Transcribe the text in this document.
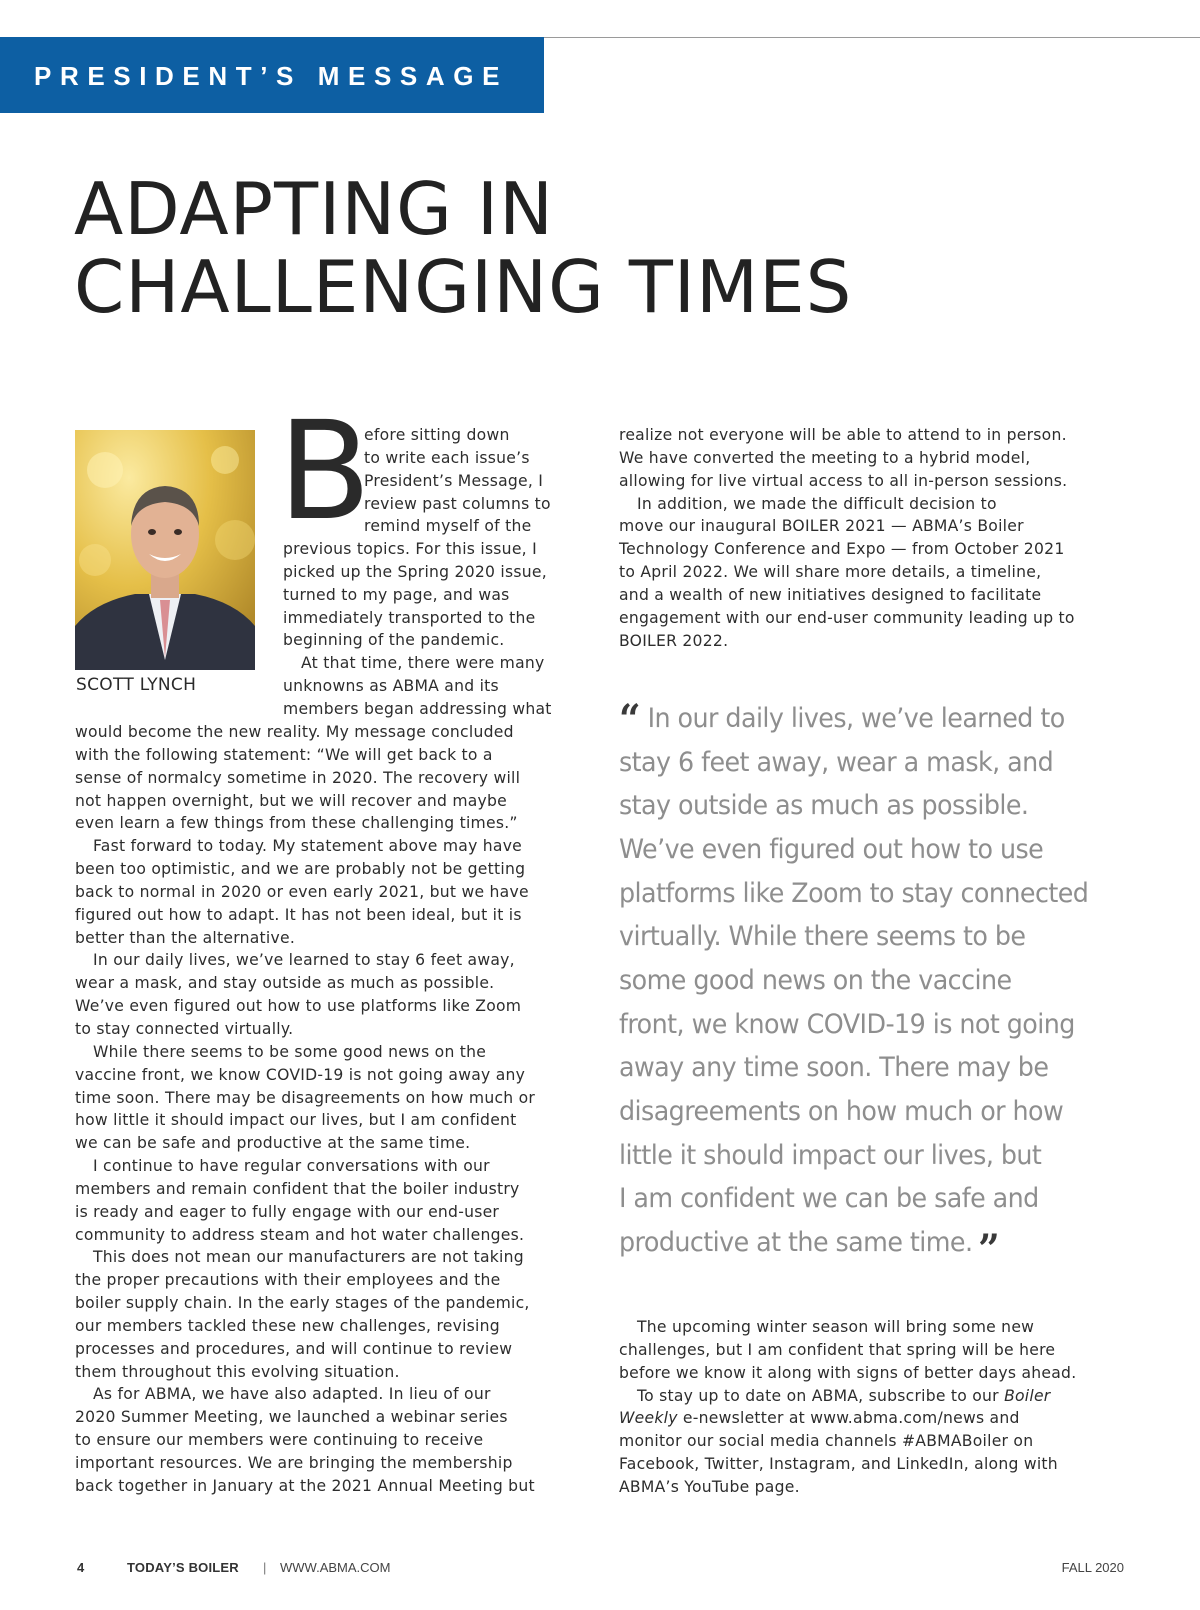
PRESIDENT’S MESSAGE
ADAPTING IN
CHALLENGING TIMES
SCOTT LYNCH
B
efore sitting down
to write each issue’s
President’s Message, I
review past columns to
remind myself of the
previous topics. For this issue, I
picked up the Spring 2020 issue,
turned to my page, and was
immediately transported to the
beginning of the pandemic.
At that time, there were many
unknowns as ABMA and its
members began addressing what
would become the new reality. My message concluded
with the following statement: “We will get back to a
sense of normalcy sometime in 2020. The recovery will
not happen overnight, but we will recover and maybe
even learn a few things from these challenging times.”
Fast forward to today. My statement above may have
been too optimistic, and we are probably not be getting
back to normal in 2020 or even early 2021, but we have
figured out how to adapt. It has not been ideal, but it is
better than the alternative.
In our daily lives, we’ve learned to stay 6 feet away,
wear a mask, and stay outside as much as possible.
We’ve even figured out how to use platforms like Zoom
to stay connected virtually.
While there seems to be some good news on the
vaccine front, we know COVID-19 is not going away any
time soon. There may be disagreements on how much or
how little it should impact our lives, but I am confident
we can be safe and productive at the same time.
I continue to have regular conversations with our
members and remain confident that the boiler industry
is ready and eager to fully engage with our end-user
community to address steam and hot water challenges.
This does not mean our manufacturers are not taking
the proper precautions with their employees and the
boiler supply chain. In the early stages of the pandemic,
our members tackled these new challenges, revising
processes and procedures, and will continue to review
them throughout this evolving situation.
As for ABMA, we have also adapted. In lieu of our
2020 Summer Meeting, we launched a webinar series
to ensure our members were continuing to receive
important resources. We are bringing the membership
back together in January at the 2021 Annual Meeting but
realize not everyone will be able to attend to in person.
We have converted the meeting to a hybrid model,
allowing for live virtual access to all in-person sessions.
In addition, we made the difficult decision to
move our inaugural BOILER 2021 — ABMA’s Boiler
Technology Conference and Expo — from October 2021
to April 2022. We will share more details, a timeline,
and a wealth of new initiatives designed to facilitate
engagement with our end-user community leading up to
BOILER 2022.
“ In our daily lives, we’ve learned to
stay 6 feet away, wear a mask, and
stay outside as much as possible.
We’ve even figured out how to use
platforms like Zoom to stay connected
virtually. While there seems to be
some good news on the vaccine
front, we know COVID-19 is not going
away any time soon. There may be
disagreements on how much or how
little it should impact our lives, but
I am confident we can be safe and
productive at the same time. ”
The upcoming winter season will bring some new
challenges, but I am confident that spring will be here
before we know it along with signs of better days ahead.
To stay up to date on ABMA, subscribe to our Boiler
Weekly e-newsletter at www.abma.com/news and
monitor our social media channels #ABMABoiler on
Facebook, Twitter, Instagram, and LinkedIn, along with
ABMA’s YouTube page.
4	TODAY’S BOILER | WWW.ABMA.COM	FALL 2020
